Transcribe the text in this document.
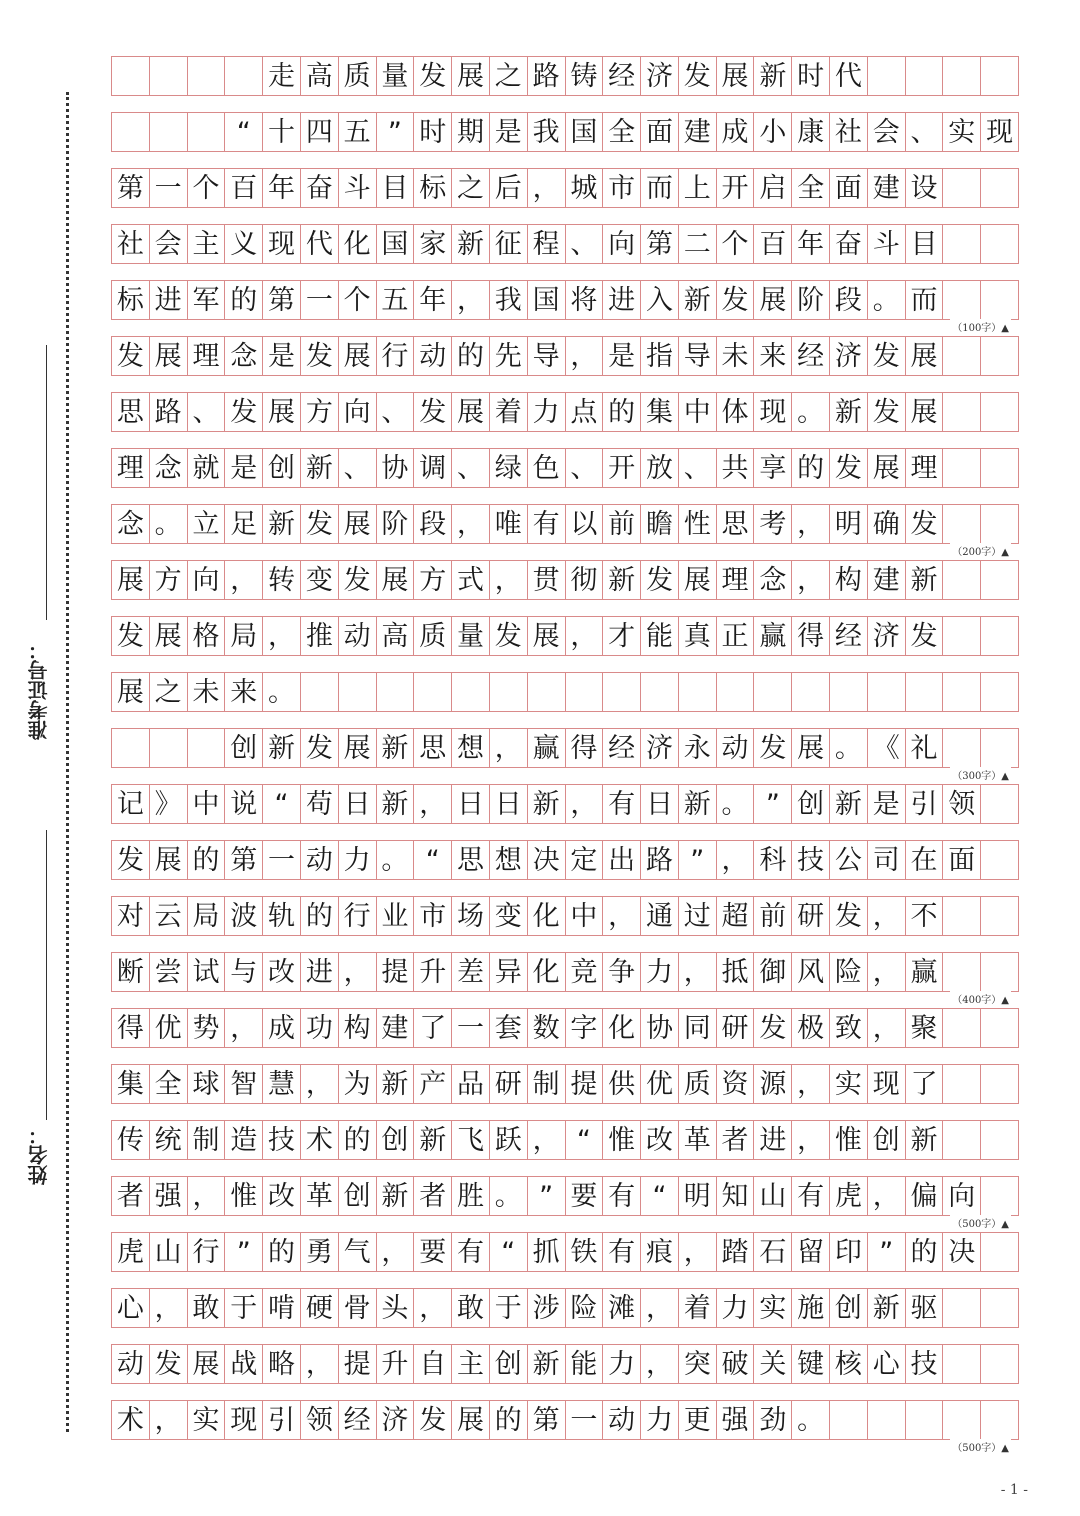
准考证号：
姓名：
走 高 质 量 发 展 之 路 铸 经 济 发 展 新 时 代
“ 十 四 五 ” 时 期 是 我 国 全 面 建 成 小 康 社 会 、 实 现
第 一 个 百 年 奋 斗 目 标 之 后 ， 城 市 而 上 开 启 全 面 建 设
社 会 主 义 现 代 化 国 家 新 征 程 、 向 第 二 个 百 年 奋 斗 目
标 进 军 的 第 一 个 五 年 ， 我 国 将 进 入 新 发 展 阶 段 。 而
（100字）▲
发 展 理 念 是 发 展 行 动 的 先 导 ， 是 指 导 未 来 经 济 发 展
思 路 、 发 展 方 向 、 发 展 着 力 点 的 集 中 体 现 。 新 发 展
理 念 就 是 创 新 、 协 调 、 绿 色 、 开 放 、 共 享 的 发 展 理
念 。 立 足 新 发 展 阶 段 ， 唯 有 以 前 瞻 性 思 考 ， 明 确 发
（200字）▲
展 方 向 ， 转 变 发 展 方 式 ， 贯 彻 新 发 展 理 念 ， 构 建 新
发 展 格 局 ， 推 动 高 质 量 发 展 ， 才 能 真 正 赢 得 经 济 发
展 之 未 来 。
创 新 发 展 新 思 想 ， 赢 得 经 济 永 动 发 展 。 《 礼
（300字）▲
记 》 中 说 “ 苟 日 新 ， 日 日 新 ， 有 日 新 。 ” 创 新 是 引 领
发 展 的 第 一 动 力 。 “ 思 想 决 定 出 路 ” ， 科 技 公 司 在 面
对 云 局 波 轨 的 行 业 市 场 变 化 中 ， 通 过 超 前 研 发 ， 不
断 尝 试 与 改 进 ， 提 升 差 异 化 竞 争 力 ， 抵 御 风 险 ， 赢
（400字）▲
得 优 势 ， 成 功 构 建 了 一 套 数 字 化 协 同 研 发 极 致 ， 聚
集 全 球 智 慧 ， 为 新 产 品 研 制 提 供 优 质 资 源 ， 实 现 了
传 统 制 造 技 术 的 创 新 飞 跃 ， “ 惟 改 革 者 进 ， 惟 创 新
者 强 ， 惟 改 革 创 新 者 胜 。 ” 要 有 “ 明 知 山 有 虎 ， 偏 向
（500字）▲
虎 山 行 ” 的 勇 气 ， 要 有 “ 抓 铁 有 痕 ， 踏 石 留 印 ” 的 决
心 ， 敢 于 啃 硬 骨 头 ， 敢 于 涉 险 滩 ， 着 力 实 施 创 新 驱
动 发 展 战 略 ， 提 升 自 主 创 新 能 力 ， 突 破 关 键 核 心 技
术 ， 实 现 引 领 经 济 发 展 的 第 一 动 力 更 强 劲 。
（500字）▲
- 1 -
